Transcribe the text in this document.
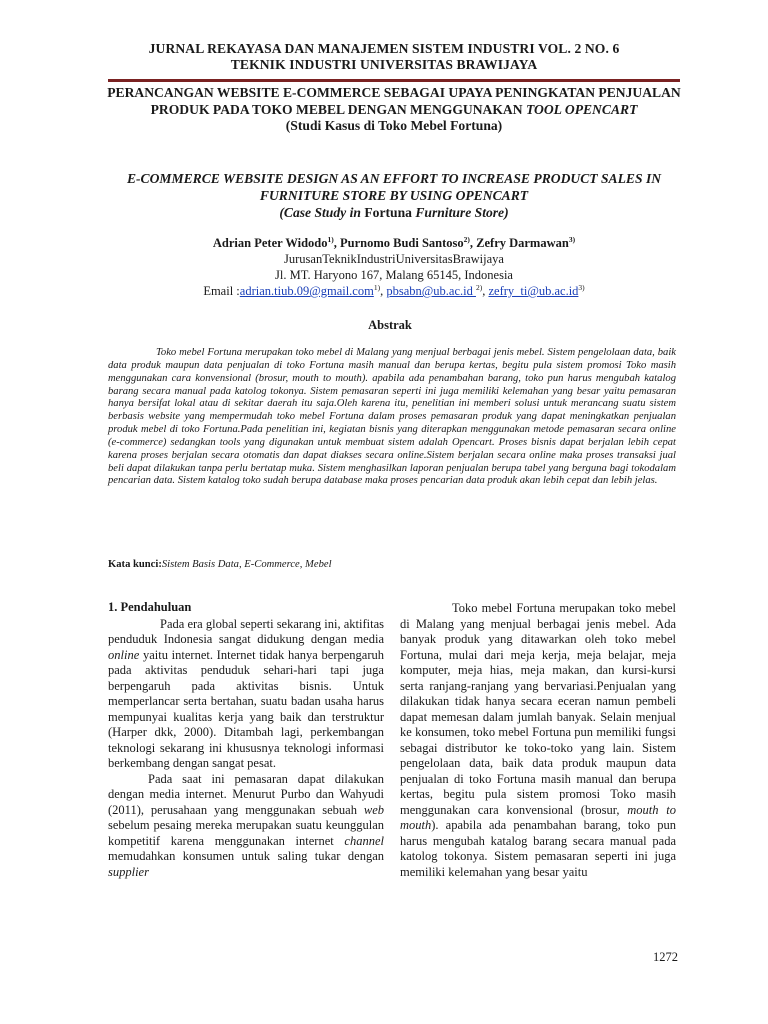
JURNAL REKAYASA DAN MANAJEMEN SISTEM INDUSTRI VOL. 2 NO. 6
TEKNIK INDUSTRI UNIVERSITAS BRAWIJAYA
PERANCANGAN WEBSITE E-COMMERCE SEBAGAI UPAYA PENINGKATAN PENJUALAN PRODUK PADA TOKO MEBEL DENGAN MENGGUNAKAN TOOL OPENCART
(Studi Kasus di Toko Mebel Fortuna)
E-COMMERCE WEBSITE DESIGN AS AN EFFORT TO INCREASE PRODUCT SALES IN FURNITURE STORE BY USING OPENCART
(Case Study in Fortuna Furniture Store)
Adrian Peter Widodo$^{1)}$, Purnomo Budi Santoso$^{2)}$, Zefry Darmawan$^{3)}$
JurusanTeknikIndustriUniversitasBrawijaya
Jl. MT. Haryono 167, Malang 65145, Indonesia
Email :adrian.tiub.09@gmail.com$^{1)}$, pbsabn@ub.ac.id $^{2)}$, $zefry\_ti@ub.ac.id^{3)}$
Abstrak
Toko mebel Fortuna merupakan toko mebel di Malang yang menjual berbagai jenis mebel. Sistem pengelolaan data, baik data produk maupun data penjualan di toko Fortuna masih manual dan berupa kertas, begitu pula sistem promosi Toko masih menggunakan cara konvensional (brosur, mouth to mouth). apabila ada penambahan barang, toko pun harus mengubah katalog barang secara manual pada katolog tokonya. Sistem pemasaran seperti ini juga memiliki kelemahan yang besar yaitu pemasaran hanya bersifat lokal atau di sekitar daerah itu saja.Oleh karena itu, penelitian ini memberi solusi untuk merancang suatu sistem berbasis website yang mempermudah toko mebel Fortuna dalam proses pemasaran produk yang dapat meningkatkan penjualan produk mebel di toko Fortuna.Pada penelitian ini, kegiatan bisnis yang diterapkan menggunakan metode pemasaran secara online (e-commerce) sedangkan tools yang digunakan untuk membuat sistem adalah Opencart. Proses bisnis dapat berjalan lebih cepat karena proses berjalan secara otomatis dan dapat diakses secara online.Sistem berjalan secara online maka proses transaksi jual beli dapat dilakukan tanpa perlu bertatap muka. Sistem menghasilkan laporan penjualan berupa tabel yang berguna bagi tokodalam pencarian data. Sistem katalog toko sudah berupa database maka proses pencarian data produk akan lebih cepat dan lebih jelas.
Kata kunci:Sistem Basis Data, E-Commerce, Mebel

1. Pendahuluan

Pada era global seperti sekarang ini, aktifitas penduduk Indonesia sangat didukung dengan media online yaitu internet. Internet tidak hanya berpengaruh pada aktivitas penduduk sehari-hari tapi juga berpengaruh pada aktivitas bisnis. Untuk memperlancar serta bertahan, suatu badan usaha harus mempunyai kualitas kerja yang baik dan terstruktur (Harper dkk, 2000). Ditambah lagi, perkembangan teknologi sekarang ini khususnya teknologi informasi berkembang dengan sangat pesat.

Pada saat ini pemasaran dapat dilakukan dengan media internet. Menurut Purbo dan Wahyudi (2011), perusahaan yang menggunakan sebuah web sebelum pesaing mereka merupakan suatu keunggulan kompetitif karena menggunakan internet channel memudahkan konsumen untuk saling tukar dengan supplier

Toko mebel Fortuna merupakan toko mebel di Malang yang menjual berbagai jenis mebel. Ada banyak produk yang ditawarkan oleh toko mebel Fortuna, mulai dari meja kerja, meja belajar, meja komputer, meja hias, meja makan, dan kursi-kursi serta ranjang-ranjang yang bervariasi.Penjualan yang dilakukan tidak hanya secara eceran namun pembeli dapat memesan dalam jumlah banyak. Selain menjual ke konsumen, toko mebel Fortuna pun memiliki fungsi sebagai distributor ke toko-toko yang lain. Sistem pengelolaan data, baik data produk maupun data penjualan di toko Fortuna masih manual dan berupa kertas, begitu pula sistem promosi Toko masih menggunakan cara konvensional (brosur, mouth to mouth). apabila ada penambahan barang, toko pun harus mengubah katalog barang secara manual pada katolog tokonya. Sistem pemasaran seperti ini juga memiliki kelemahan yang besar yaitu

1272
